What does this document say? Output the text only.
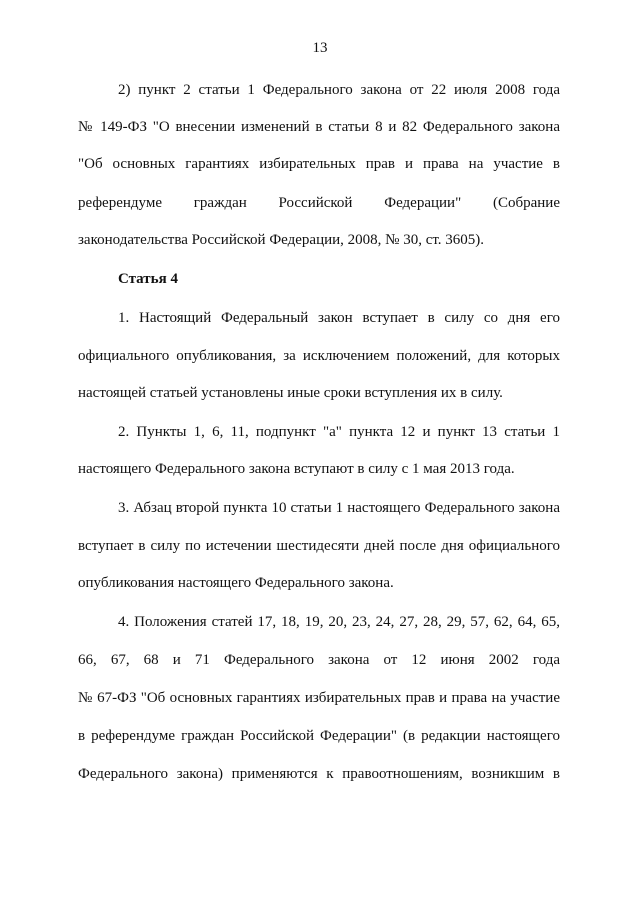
13
2) пункт 2 статьи 1 Федерального закона от 22 июля 2008 года
№ 149-ФЗ "О внесении изменений в статьи 8 и 82 Федерального закона
"Об основных гарантиях избирательных прав и права на участие в
референдуме граждан Российской Федерации" (Собрание
законодательства Российской Федерации, 2008, № 30, ст. 3605).
Статья 4
1. Настоящий Федеральный закон вступает в силу со дня его
официального опубликования, за исключением положений, для которых
настоящей статьей установлены иные сроки вступления их в силу.
2. Пункты 1, 6, 11, подпункт "а" пункта 12 и пункт 13 статьи 1
настоящего Федерального закона вступают в силу с 1 мая 2013 года.
3. Абзац второй пункта 10 статьи 1 настоящего Федерального закона
вступает в силу по истечении шестидесяти дней после дня официального
опубликования настоящего Федерального закона.
4. Положения статей 17, 18, 19, 20, 23, 24, 27, 28, 29, 57, 62, 64, 65,
66, 67, 68 и 71 Федерального закона от 12 июня 2002 года
№ 67-ФЗ "Об основных гарантиях избирательных прав и права на участие
в референдуме граждан Российской Федерации" (в редакции настоящего
Федерального закона) применяются к правоотношениям, возникшим в
